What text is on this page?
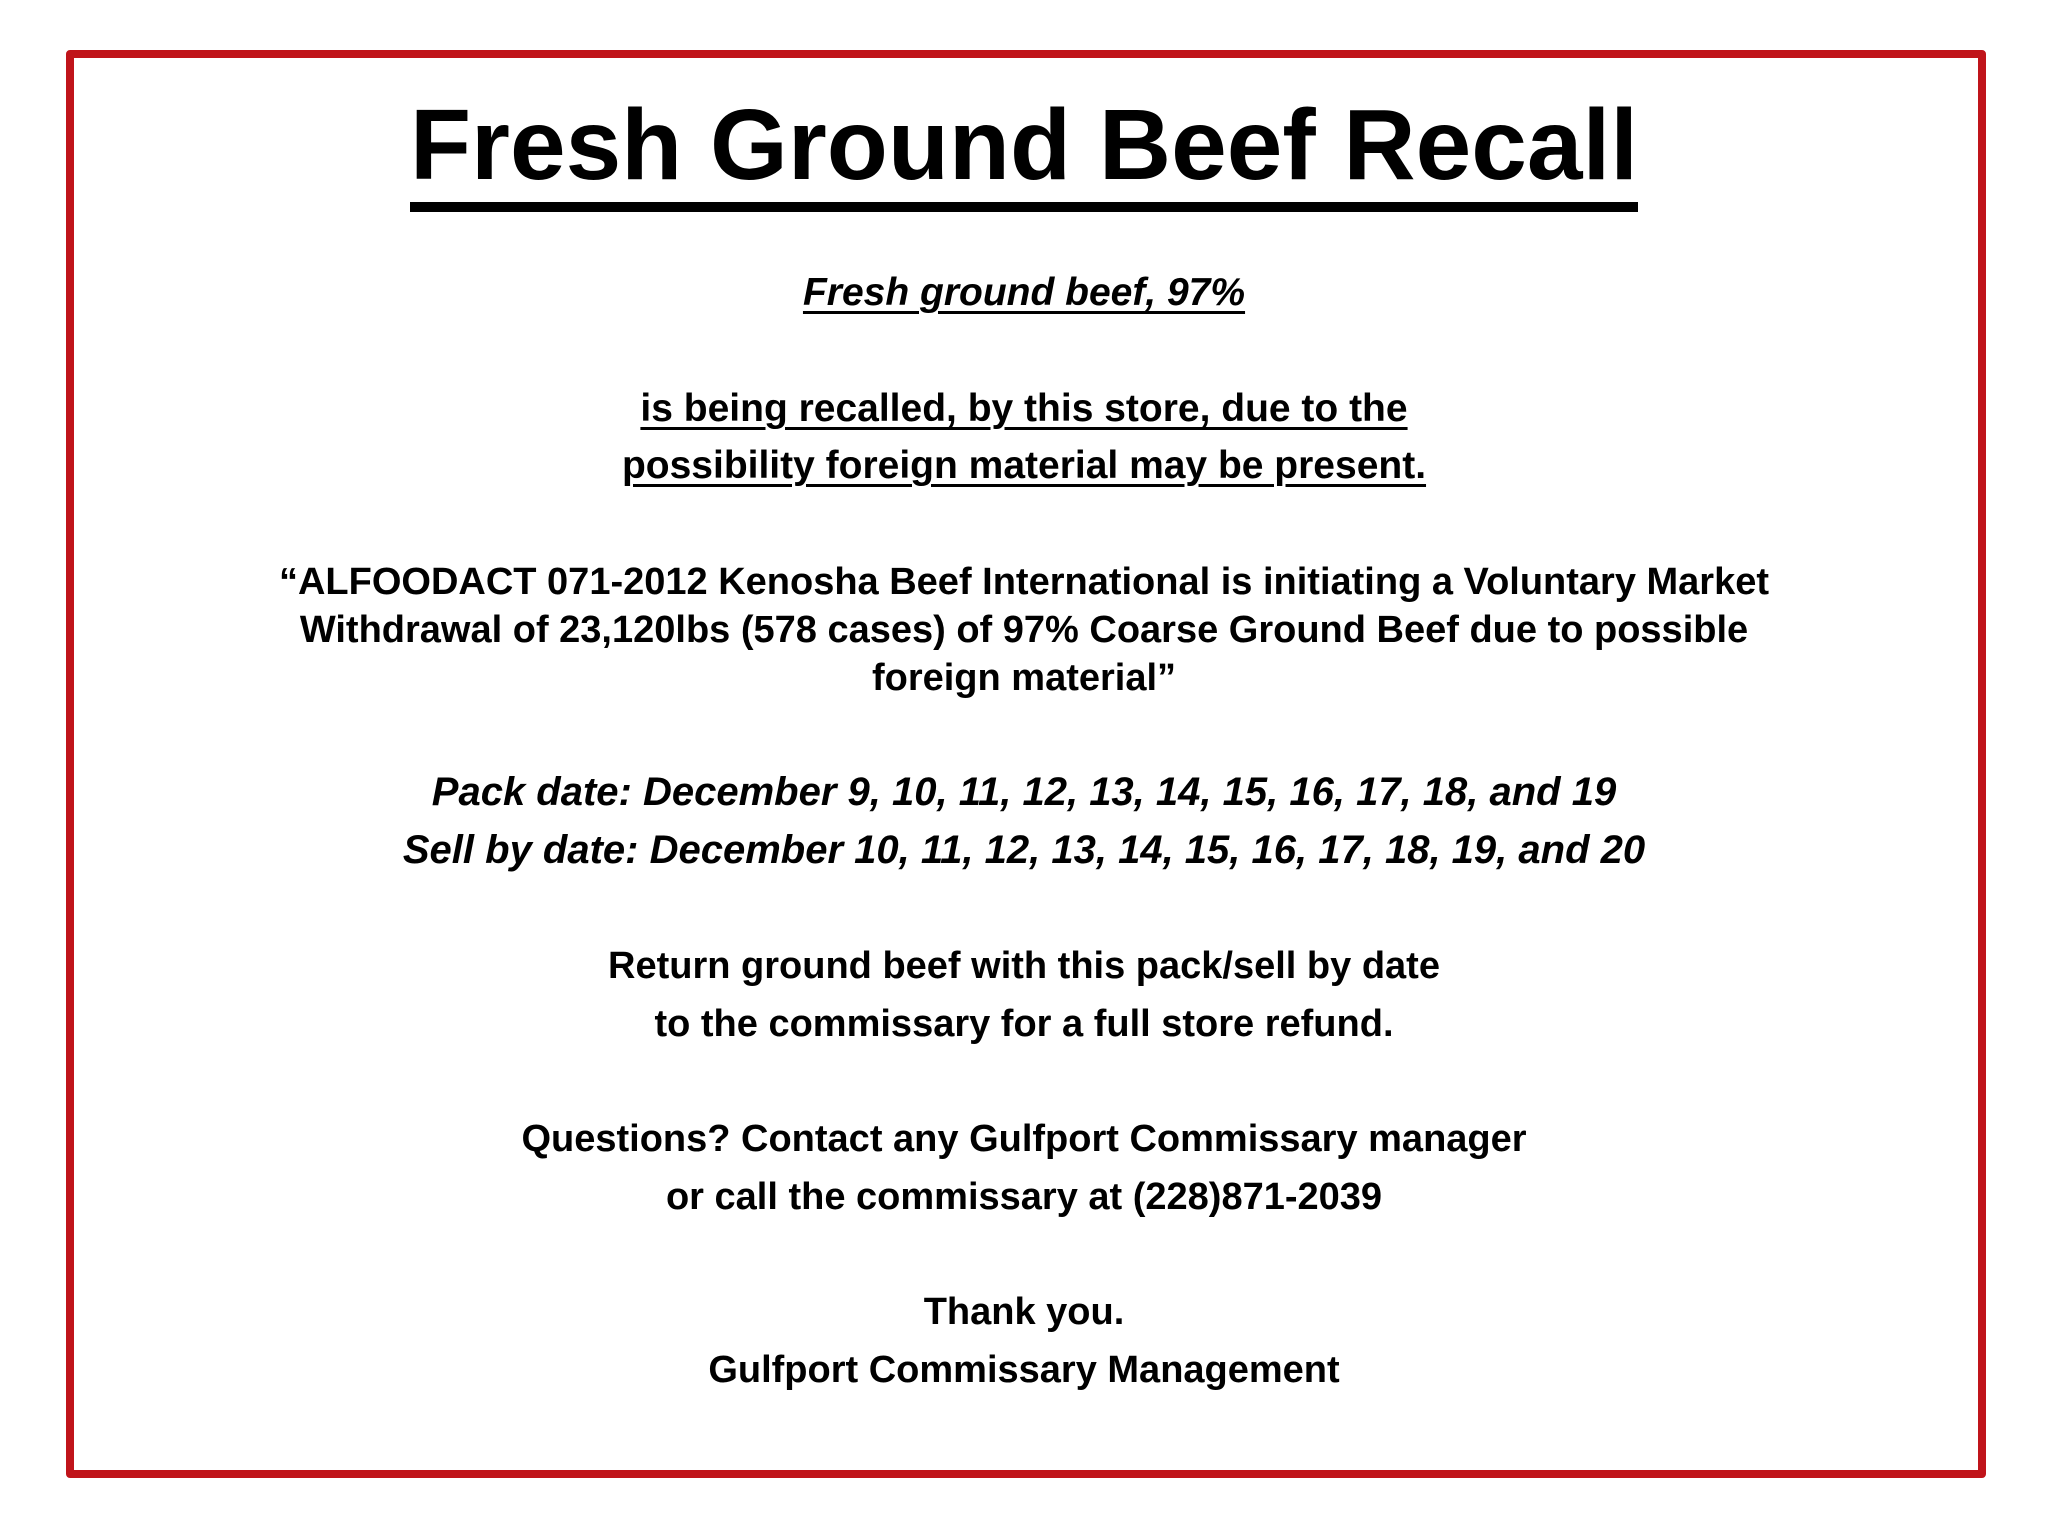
Fresh Ground Beef Recall
Fresh ground beef, 97%
is being recalled, by this store, due to the
possibility foreign material may be present.
“ALFOODACT 071-2012 Kenosha Beef International is initiating a Voluntary Market
Withdrawal of 23,120lbs (578 cases) of 97% Coarse Ground Beef due to possible
foreign material”
Pack date: December 9, 10, 11, 12, 13, 14, 15, 16, 17, 18, and 19
Sell by date: December 10, 11, 12, 13, 14, 15, 16, 17, 18, 19, and 20
Return ground beef with this pack/sell by date
to the commissary for a full store refund.
Questions? Contact any Gulfport Commissary manager
or call the commissary at (228)871-2039
Thank you.
Gulfport Commissary Management
